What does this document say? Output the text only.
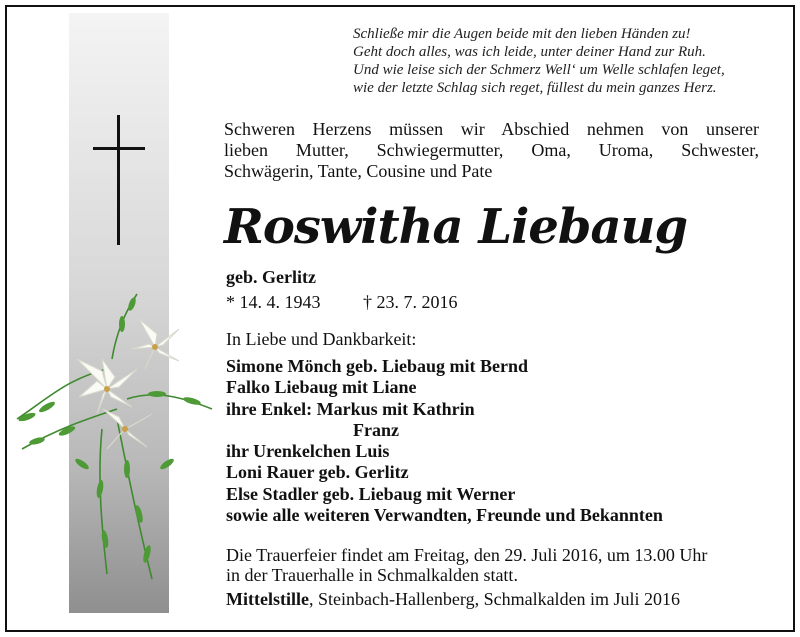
Schließe mir die Augen beide mit den lieben Händen zu!
Geht doch alles, was ich leide, unter deiner Hand zur Ruh.
Und wie leise sich der Schmerz Well‘ um Welle schlafen leget,
wie der letzte Schlag sich reget, füllest du mein ganzes Herz.
Schweren Herzens müssen wir Abschied nehmen von unserer
lieben Mutter, Schwiegermutter, Oma, Uroma, Schwester,
Schwägerin, Tante, Cousine und Pate
Roswitha Liebaug
geb. Gerlitz
* 14. 4. 1943 † 23. 7. 2016
In Liebe und Dankbarkeit:
Simone Mönch geb. Liebaug mit Bernd
Falko Liebaug mit Liane
ihre Enkel: Markus mit Kathrin
Franz
ihr Urenkelchen Luis
Loni Rauer geb. Gerlitz
Else Stadler geb. Liebaug mit Werner
sowie alle weiteren Verwandten, Freunde und Bekannten
Die Trauerfeier findet am Freitag, den 29. Juli 2016, um 13.00 Uhr
in der Trauerhalle in Schmalkalden statt.
Mittelstille, Steinbach-Hallenberg, Schmalkalden im Juli 2016
